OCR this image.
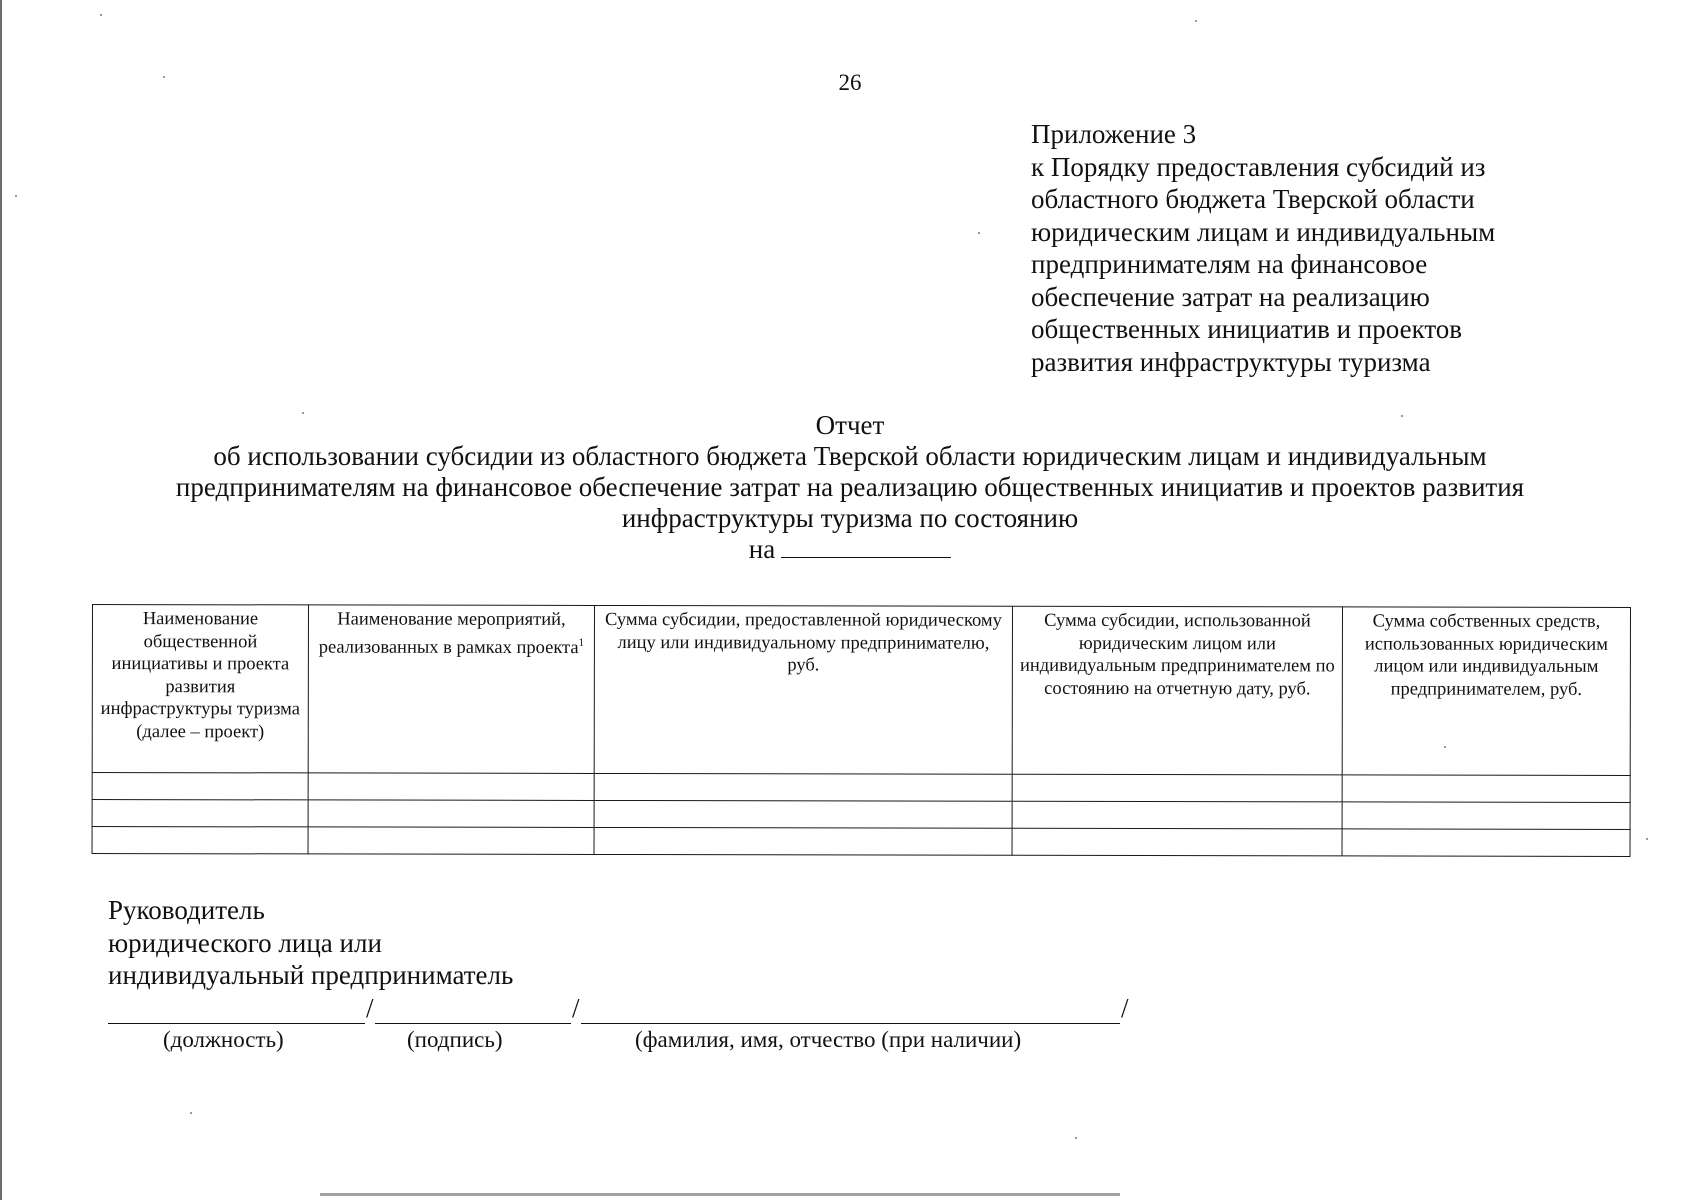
26
Приложение 3
к Порядку предоставления субсидий из
областного бюджета Тверской области
юридическим лицам и индивидуальным
предпринимателям на финансовое
обеспечение затрат на реализацию
общественных инициатив и проектов
развития инфраструктуры туризма
Отчет
об использовании субсидии из областного бюджета Тверской области юридическим лицам и индивидуальным
предпринимателям на финансовое обеспечение затрат на реализацию общественных инициатив и проектов развития
инфраструктуры туризма по состоянию
на
Наименование общественной инициативы и проекта развития инфраструктуры туризма (далее – проект)	Наименование мероприятий, реализованных в рамках проекта$^1$	Сумма субсидии, предоставленной юридическому лицу или индивидуальному предпринимателю, руб.	Сумма субсидии, использованной юридическим лицом или индивидуальным предпринимателем по состоянию на отчетную дату, руб.	Сумма собственных средств, использованных юридическим лицом или индивидуальным предпринимателем, руб.

Руководитель
юридического лица или
индивидуальный предприниматель
/	/	/
(должность)	(подпись)	(фамилия, имя, отчество (при наличии)
